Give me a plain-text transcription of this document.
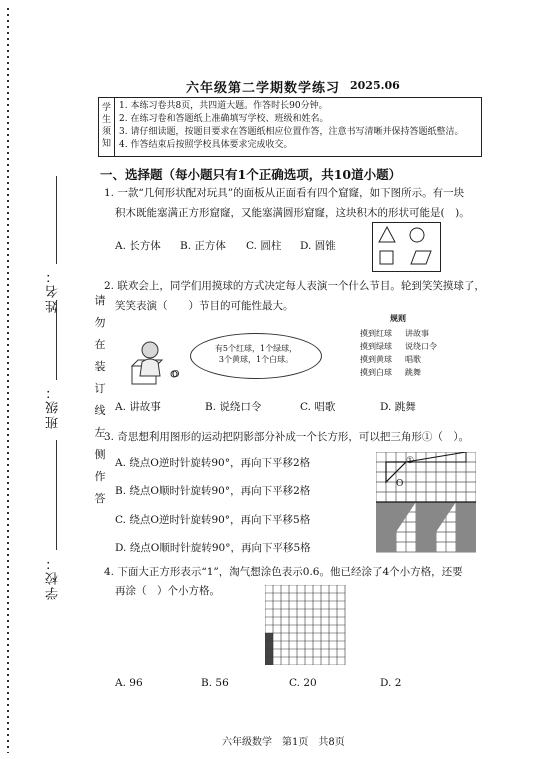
姓名：
班级：
学校：
请
勿
在
装
订
线
左
侧
作
答
六年级第二学期数学练习 2025.06
学生须知
1. 本练习卷共8页，共四道大题。作答时长90分钟。
2. 在练习卷和答题纸上准确填写学校、班级和姓名。
3. 请仔细读题，按题目要求在答题纸相应位置作答，注意书写清晰并保持答题纸整洁。
4. 作答结束后按照学校具体要求完成收交。
一、选择题（每小题只有1个正确选项，共10道小题）
1. 一款“几何形状配对玩具”的面板从正面看有四个窟窿，如下图所示。有一块
积木既能塞满正方形窟窿，又能塞满圆形窟窿，这块积木的形状可能是(　)。
A. 长方体 B. 正方体 C. 圆柱 D. 圆锥
2. 联欢会上，同学们用摸球的方式决定每人表演一个什么节目。轮到笑笑摸球了，
笑笑表演（　　）节目的可能性最大。
O
有5个红球，1个绿球，
3个黄球，1个白球。
规则
摸到红球 讲故事
摸到绿球 说绕口令
摸到黄球 唱歌
摸到白球 跳舞
A. 讲故事	B. 说绕口令	C. 唱歌	D. 跳舞
3. 奇思想利用图形的运动把阴影部分补成一个长方形，可以把三角形①（　）。
A. 绕点O逆时针旋转90°，再向下平移2格
B. 绕点O顺时针旋转90°，再向下平移2格
C. 绕点O逆时针旋转90°，再向下平移5格
D. 绕点O顺时针旋转90°，再向下平移5格
①
O
4. 下面大正方形表示“1”，淘气想涂色表示0.6。他已经涂了4个小方格，还要
再涂（　）个小方格。
A. 96	B. 56	C. 20	D. 2
六年级数学　第1页　共8页
